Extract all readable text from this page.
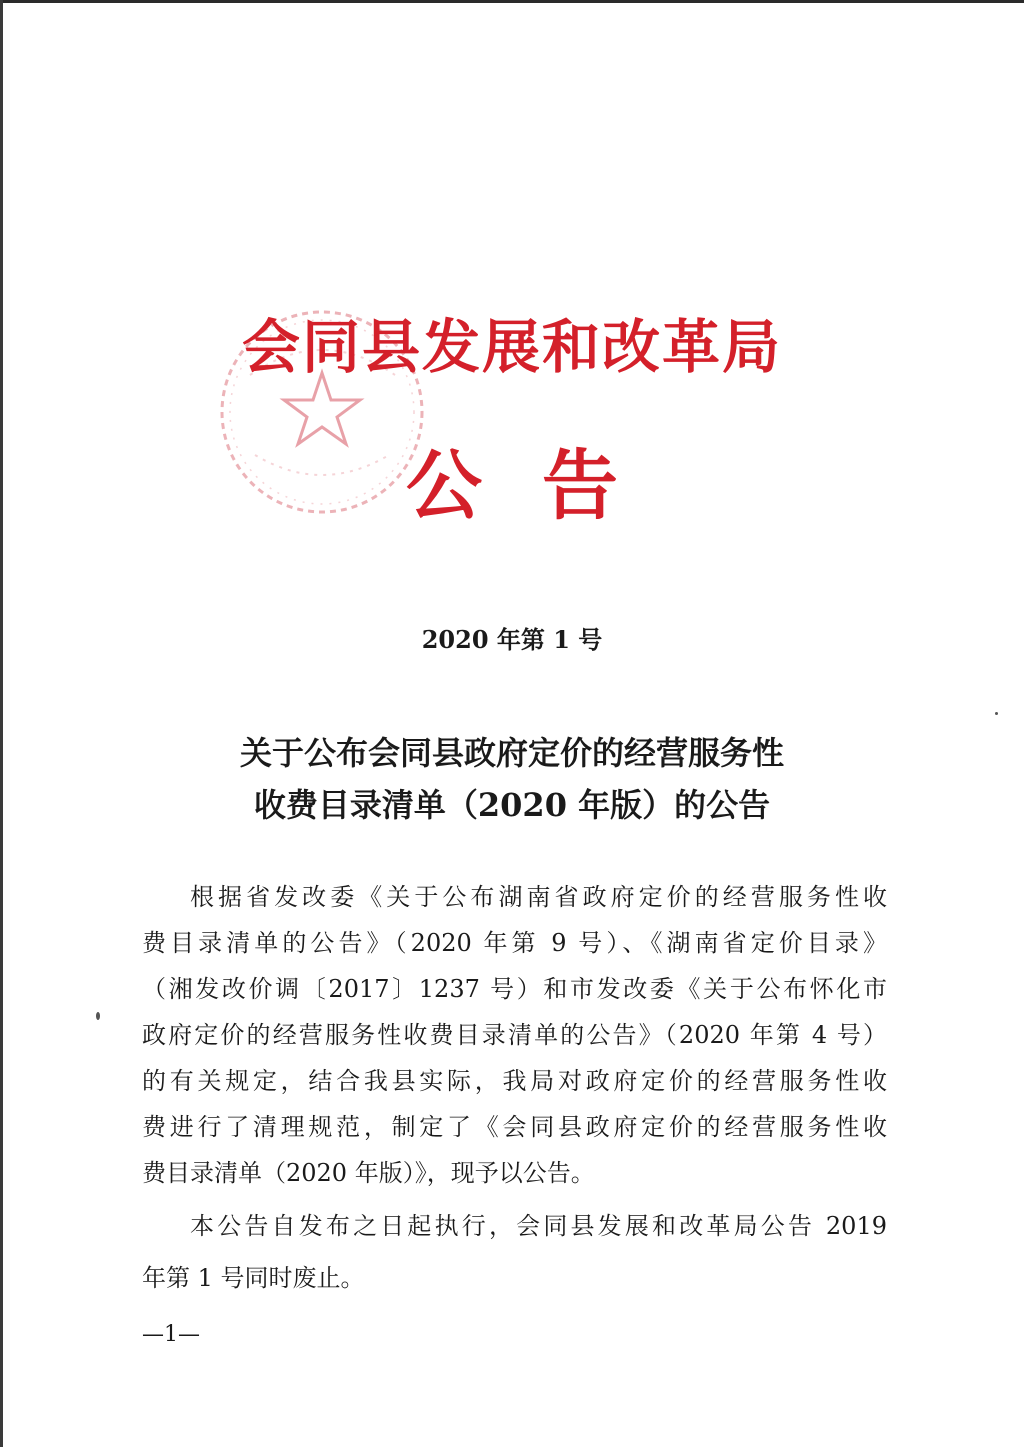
会同县发展和改革局
公 告
2020 年第 1 号
关于公布会同县政府定价的经营服务性
收费目录清单（2020 年版）的公告
根据省发改委《关于公布湖南省政府定价的经营服务性收
费目录清单的公告》（2020 年第 9 号）、《湖南省定价目录》
（湘发改价调〔2017〕1237 号）和市发改委《关于公布怀化市
政府定价的经营服务性收费目录清单的公告》（2020 年第 4 号）
的有关规定，结合我县实际，我局对政府定价的经营服务性收
费进行了清理规范，制定了《会同县政府定价的经营服务性收
费目录清单（2020 年版）》，现予以公告。
本公告自发布之日起执行，会同县发展和改革局公告 2019
年第 1 号同时废止。
—1—
